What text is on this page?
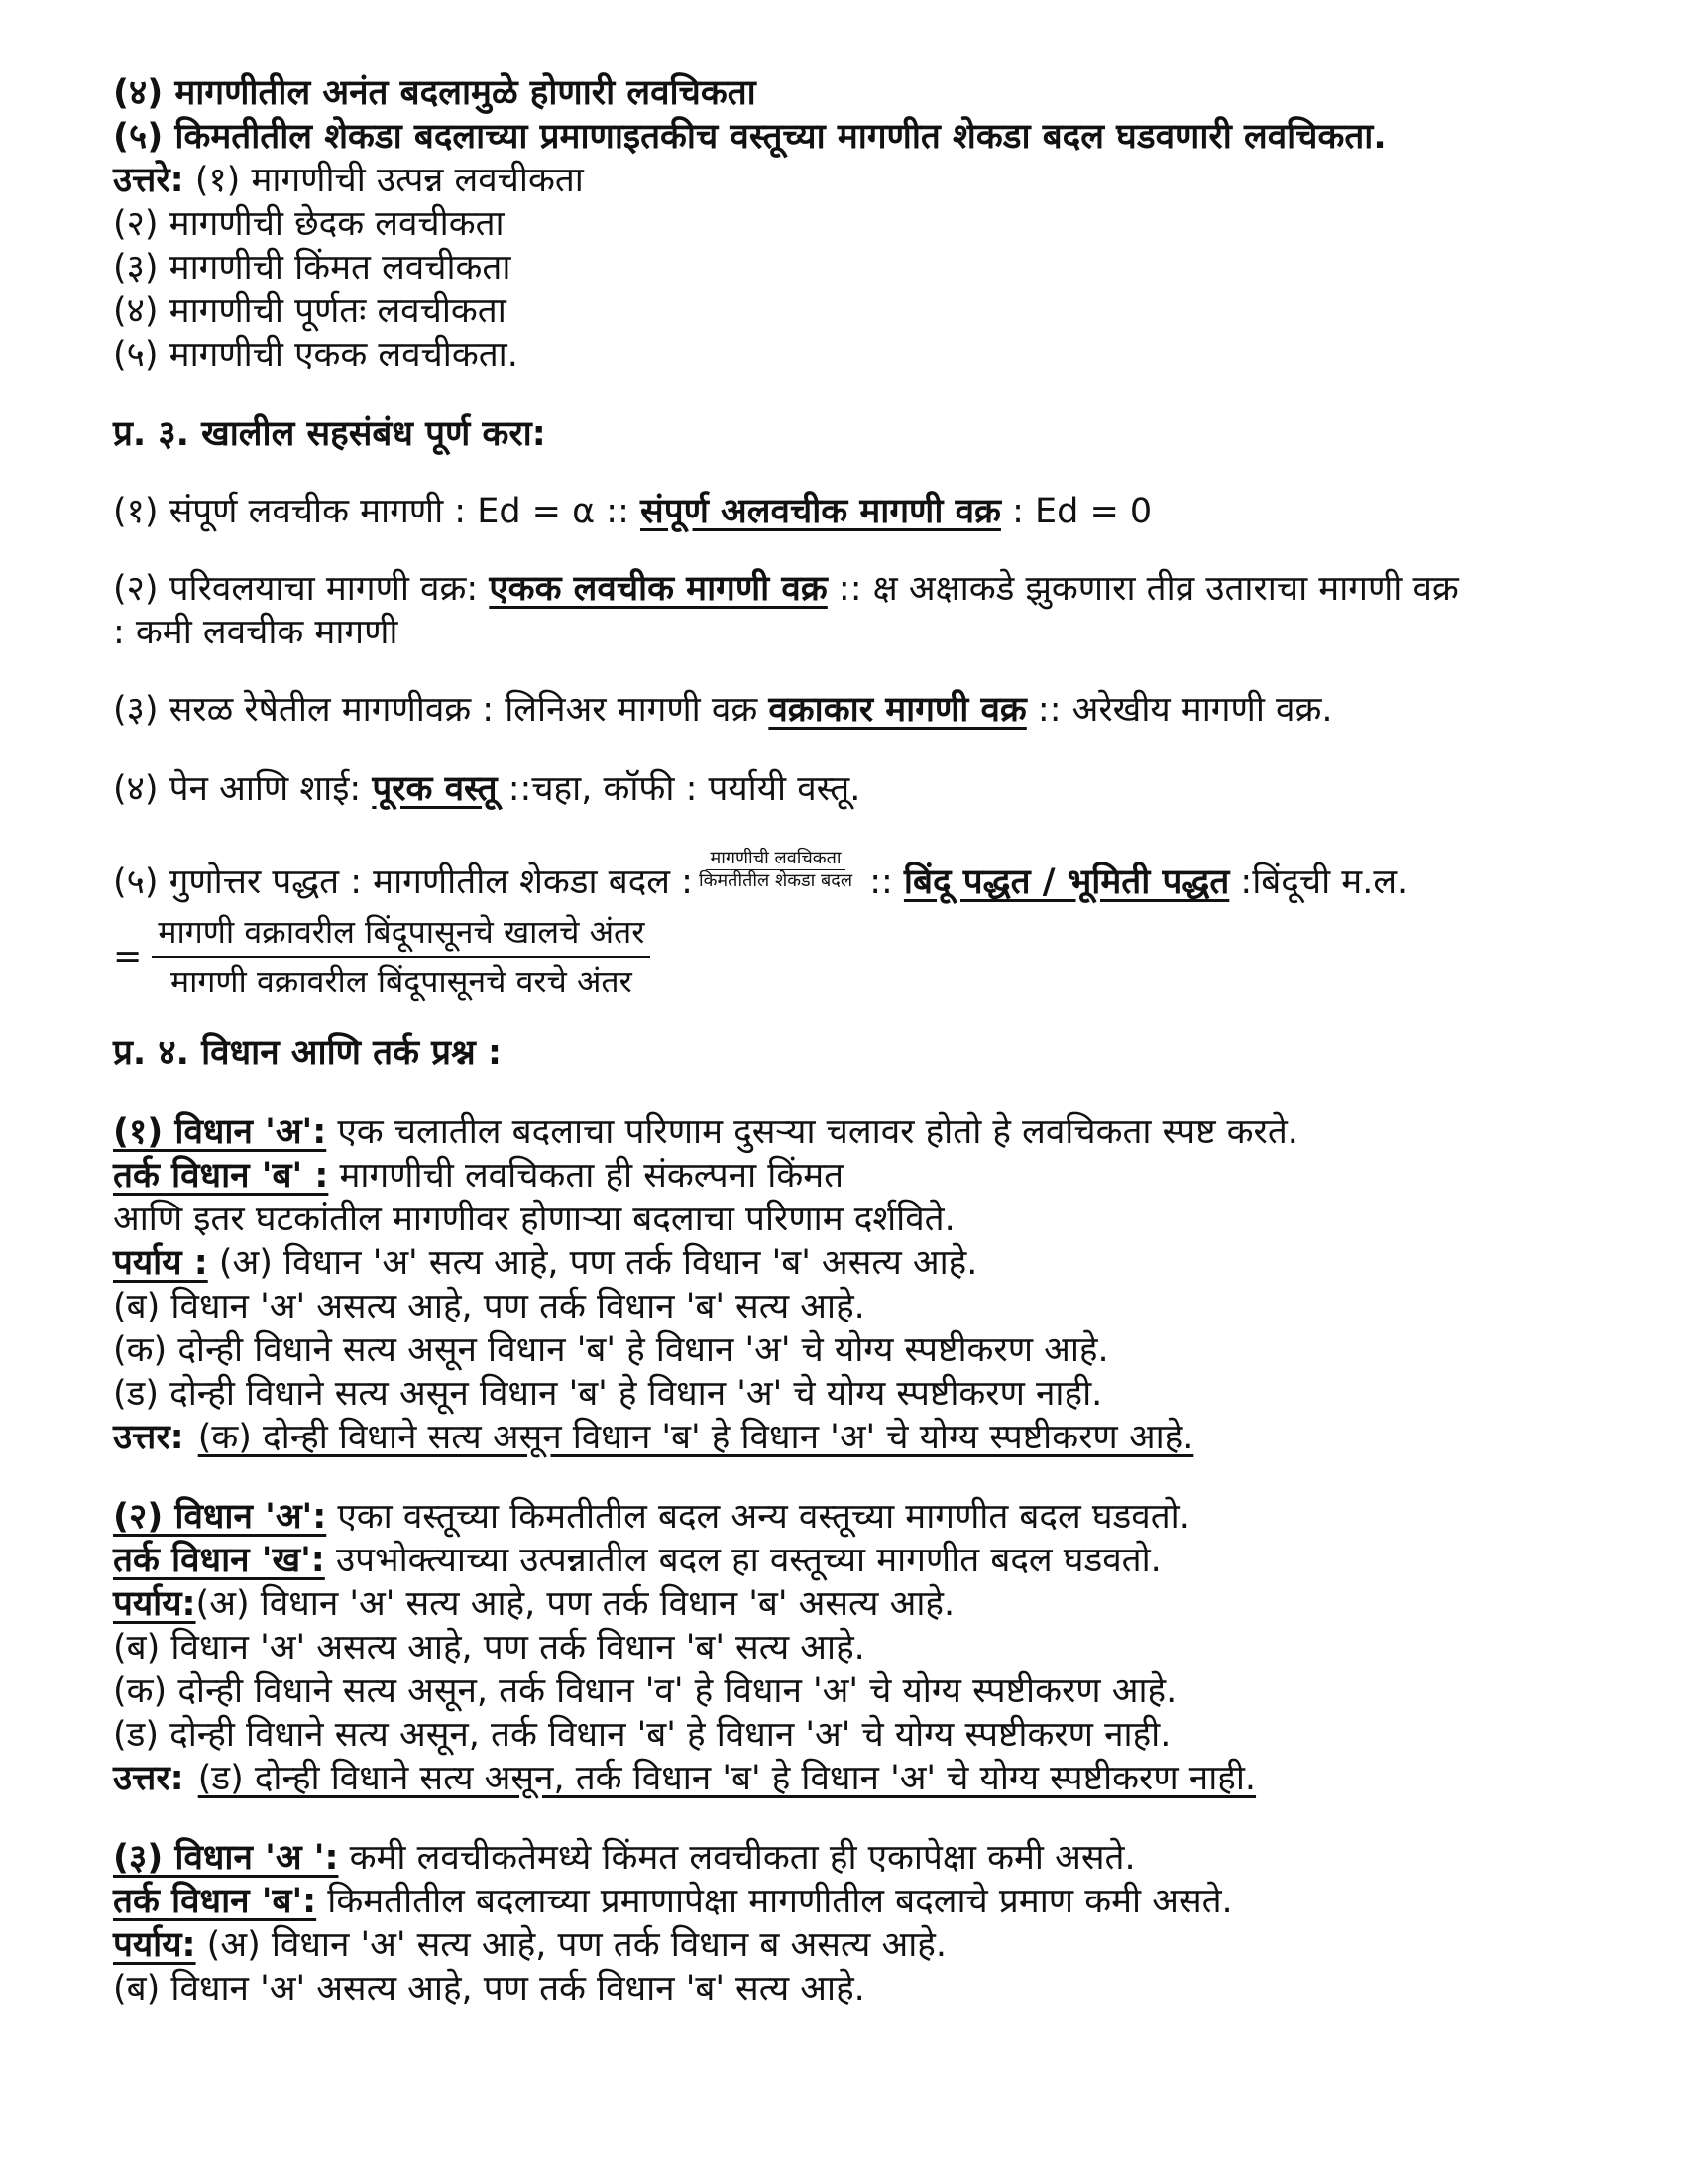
(४) मागणीतील अनंत बदलामुळे होणारी लवचिकता
(५) किमतीतील शेकडा बदलाच्या प्रमाणाइतकीच वस्तूच्या मागणीत शेकडा बदल घडवणारी लवचिकता.
उत्तरे: (१) मागणीची उत्पन्न लवचीकता
(२) मागणीची छेदक लवचीकता
(३) मागणीची किंमत लवचीकता
(४) मागणीची पूर्णतः लवचीकता
(५) मागणीची एकक लवचीकता.
प्र. ३. खालील सहसंबंध पूर्ण करा:
(१) संपूर्ण लवचीक मागणी : Ed = α :: संपूर्ण अलवचीक मागणी वक्र : Ed = 0
(२) परिवलयाचा मागणी वक्र: एकक लवचीक मागणी वक्र :: क्ष अक्षाकडे झुकणारा तीव्र उताराचा मागणी वक्र
: कमी लवचीक मागणी
(३) सरळ रेषेतील मागणीवक्र : लिनिअर मागणी वक्र वक्राकार मागणी वक्र :: अरेखीय मागणी वक्र.
(४) पेन आणि शाई: पूरक वस्तू ::चहा, कॉफी : पर्यायी वस्तू.
(५) गुणोत्तर पद्धत : मागणीतील शेकडा बदल : $\frac{\text{मागणीची लवचिकता}}{\text{किमतीतील शेकडा बदल}}$ :: बिंदू पद्धत / भूमिती पद्धत :बिंदूची म.ल.
=
मागणी वक्रावरील बिंदूपासूनचे खालचे अंतर
मागणी वक्रावरील बिंदूपासूनचे वरचे अंतर
प्र. ४. विधान आणि तर्क प्रश्न :
(१) विधान 'अ': एक चलातील बदलाचा परिणाम दुसऱ्या चलावर होतो हे लवचिकता स्पष्ट करते.
तर्क विधान 'ब' : मागणीची लवचिकता ही संकल्पना किंमत
आणि इतर घटकांतील मागणीवर होणाऱ्या बदलाचा परिणाम दर्शविते.
पर्याय : (अ) विधान 'अ' सत्य आहे, पण तर्क विधान 'ब' असत्य आहे.
(ब) विधान 'अ' असत्य आहे, पण तर्क विधान 'ब' सत्य आहे.
(क) दोन्ही विधाने सत्य असून विधान 'ब' हे विधान 'अ' चे योग्य स्पष्टीकरण आहे.
(ड) दोन्ही विधाने सत्य असून विधान 'ब' हे विधान 'अ' चे योग्य स्पष्टीकरण नाही.
उत्तर: (क) दोन्ही विधाने सत्य असून विधान 'ब' हे विधान 'अ' चे योग्य स्पष्टीकरण आहे.
(२) विधान 'अ': एका वस्तूच्या किमतीतील बदल अन्य वस्तूच्या मागणीत बदल घडवतो.
तर्क विधान 'ख': उपभोक्त्याच्या उत्पन्नातील बदल हा वस्तूच्या मागणीत बदल घडवतो.
पर्याय:(अ) विधान 'अ' सत्य आहे, पण तर्क विधान 'ब' असत्य आहे.
(ब) विधान 'अ' असत्य आहे, पण तर्क विधान 'ब' सत्य आहे.
(क) दोन्ही विधाने सत्य असून, तर्क विधान 'व' हे विधान 'अ' चे योग्य स्पष्टीकरण आहे.
(ड) दोन्ही विधाने सत्य असून, तर्क विधान 'ब' हे विधान 'अ' चे योग्य स्पष्टीकरण नाही.
उत्तर: (ड) दोन्ही विधाने सत्य असून, तर्क विधान 'ब' हे विधान 'अ' चे योग्य स्पष्टीकरण नाही.
(३) विधान 'अ ': कमी लवचीकतेमध्ये किंमत लवचीकता ही एकापेक्षा कमी असते.
तर्क विधान 'ब': किमतीतील बदलाच्या प्रमाणापेक्षा मागणीतील बदलाचे प्रमाण कमी असते.
पर्याय: (अ) विधान 'अ' सत्य आहे, पण तर्क विधान ब असत्य आहे.
(ब) विधान 'अ' असत्य आहे, पण तर्क विधान 'ब' सत्य आहे.
